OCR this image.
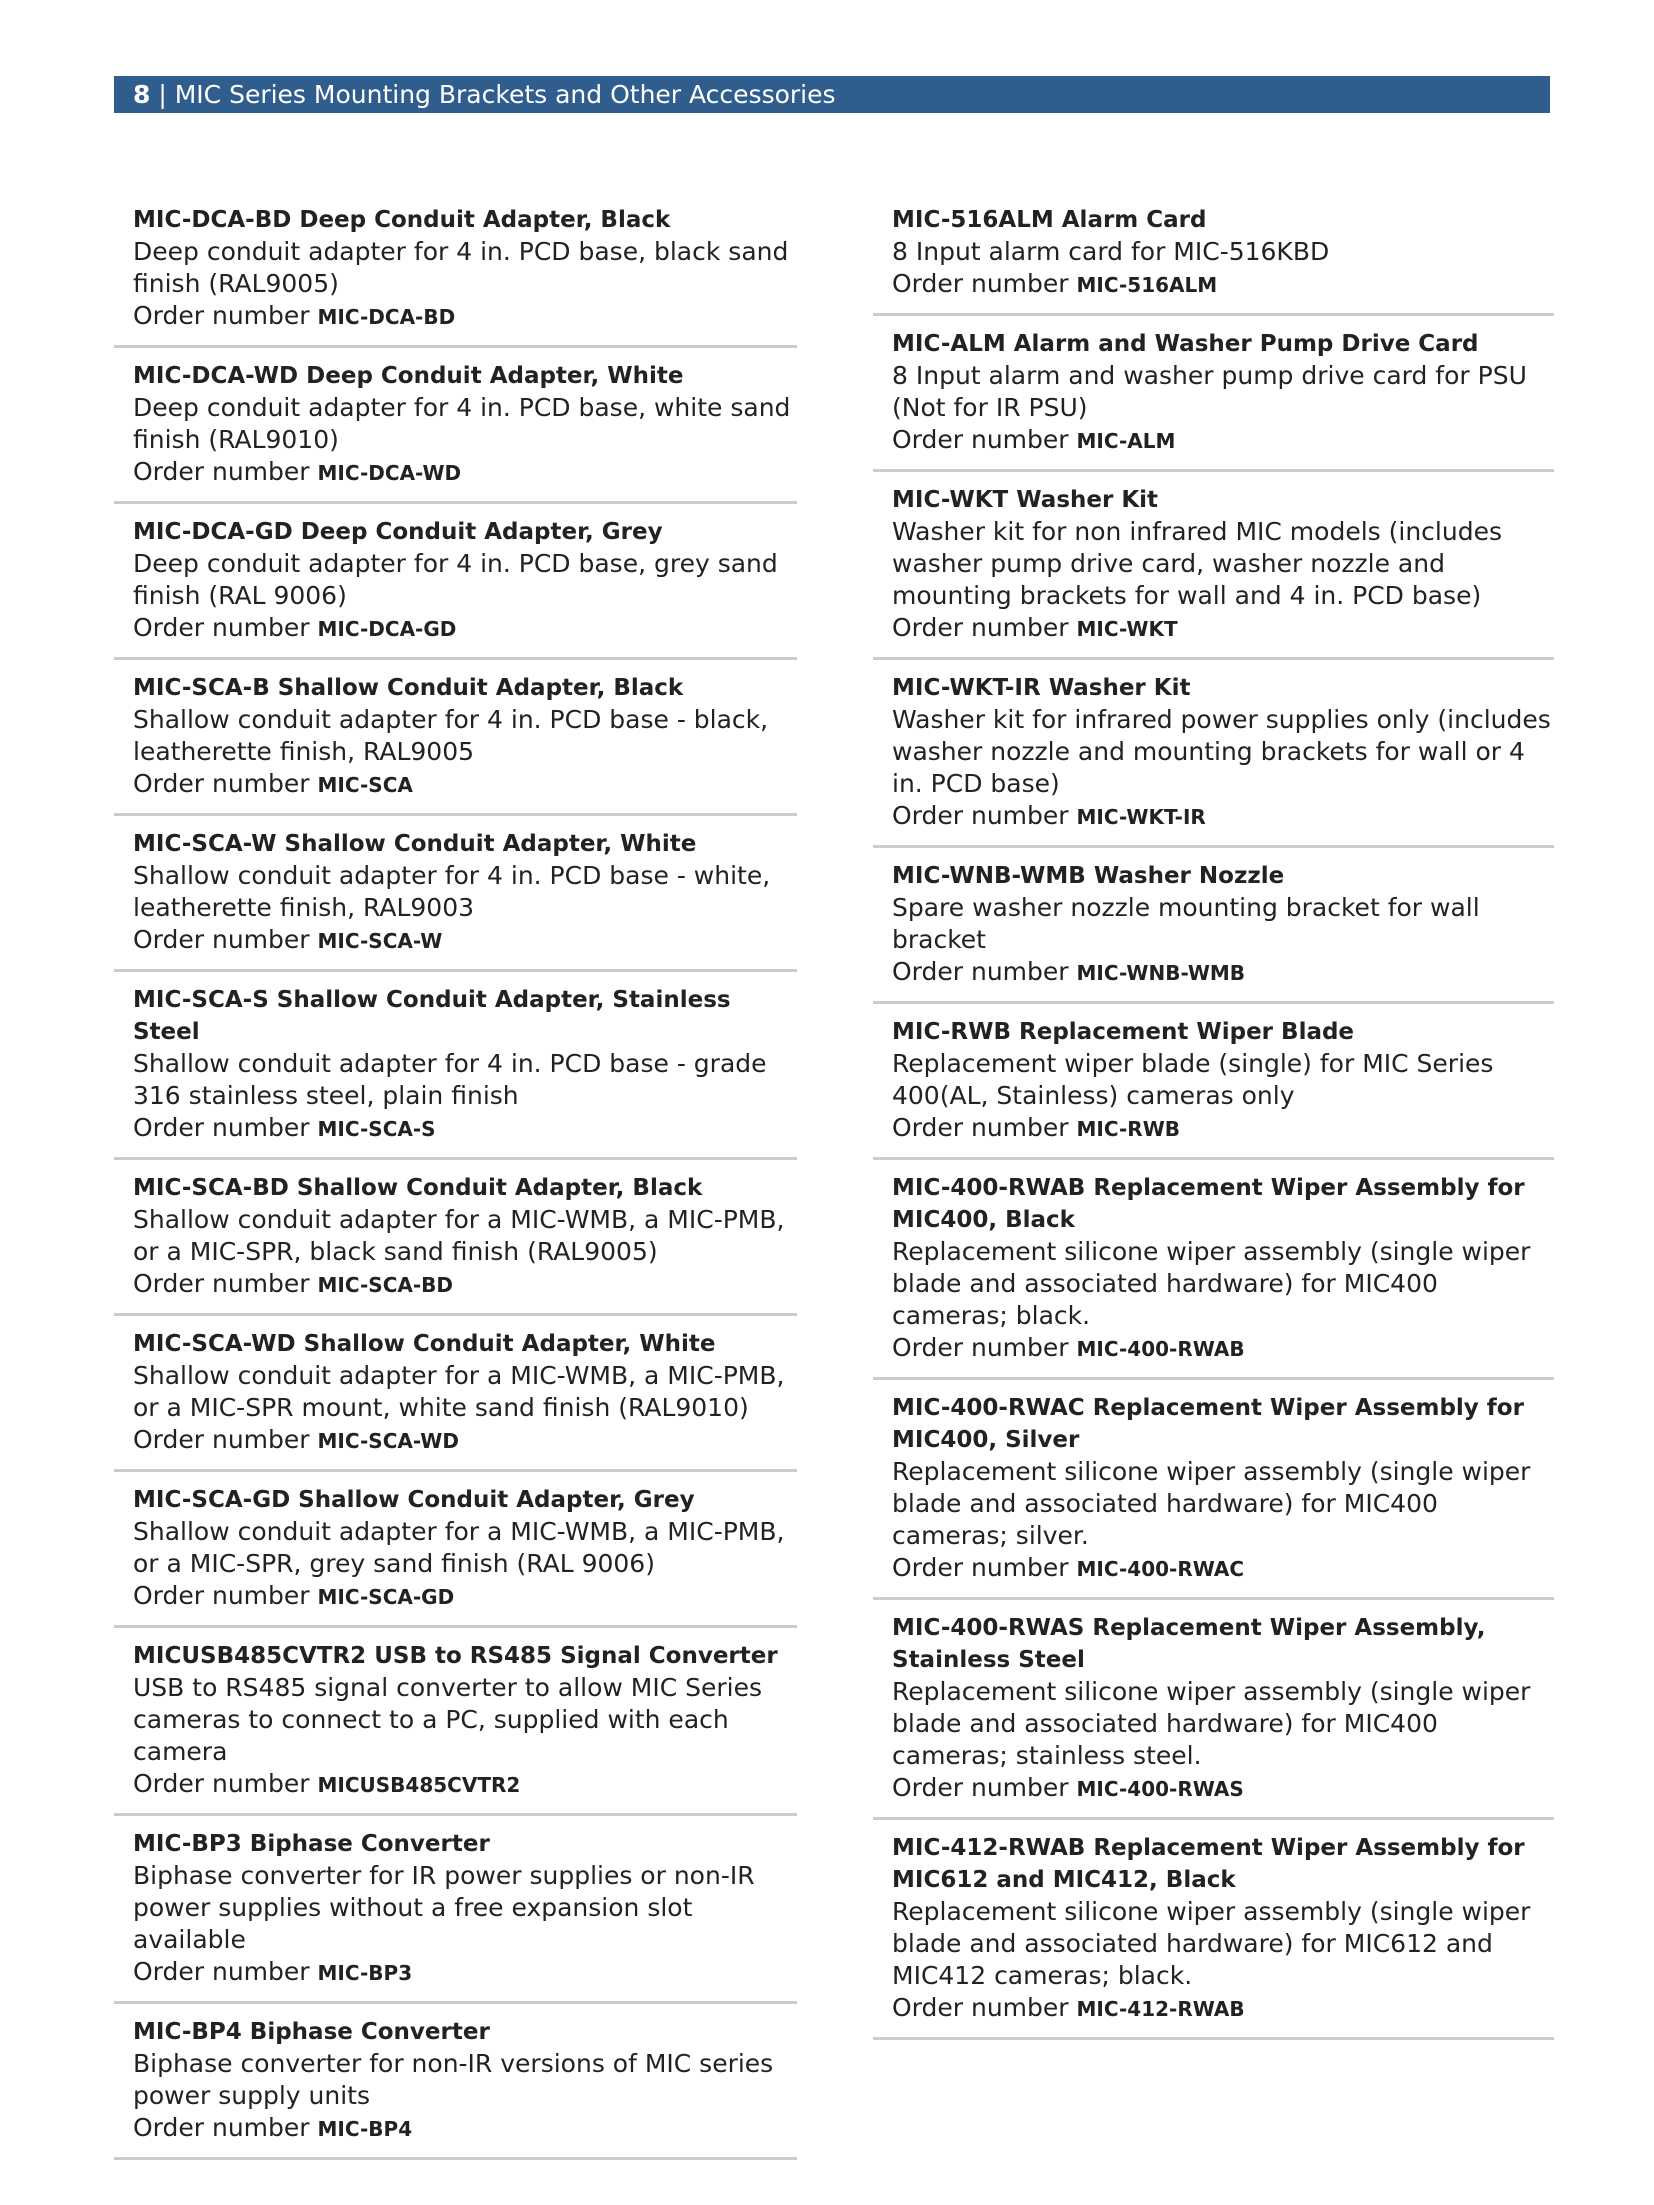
8 | MIC Series Mounting Brackets and Other Accessories
MIC-DCA-BD Deep Conduit Adapter, Black
Deep conduit adapter for 4 in. PCD base, black sand finish (RAL9005)
Order number MIC-DCA-BD
MIC-DCA-WD Deep Conduit Adapter, White
Deep conduit adapter for 4 in. PCD base, white sand finish (RAL9010)
Order number MIC-DCA-WD
MIC-DCA-GD Deep Conduit Adapter, Grey
Deep conduit adapter for 4 in. PCD base, grey sand finish (RAL 9006)
Order number MIC-DCA-GD
MIC-SCA-B Shallow Conduit Adapter, Black
Shallow conduit adapter for 4 in. PCD base - black, leatherette finish, RAL9005
Order number MIC-SCA
MIC-SCA-W Shallow Conduit Adapter, White
Shallow conduit adapter for 4 in. PCD base - white, leatherette finish, RAL9003
Order number MIC-SCA-W
MIC-SCA-S Shallow Conduit Adapter, Stainless Steel
Shallow conduit adapter for 4 in. PCD base - grade 316 stainless steel, plain finish
Order number MIC-SCA-S
MIC-SCA-BD Shallow Conduit Adapter, Black
Shallow conduit adapter for a MIC-WMB, a MIC-PMB, or a MIC-SPR, black sand finish (RAL9005)
Order number MIC-SCA-BD
MIC-SCA-WD Shallow Conduit Adapter, White
Shallow conduit adapter for a MIC-WMB, a MIC-PMB, or a MIC-SPR mount, white sand finish (RAL9010)
Order number MIC-SCA-WD
MIC-SCA-GD Shallow Conduit Adapter, Grey
Shallow conduit adapter for a MIC-WMB, a MIC-PMB, or a MIC-SPR, grey sand finish (RAL 9006)
Order number MIC-SCA-GD
MICUSB485CVTR2 USB to RS485 Signal Converter
USB to RS485 signal converter to allow MIC Series cameras to connect to a PC, supplied with each camera
Order number MICUSB485CVTR2
MIC-BP3 Biphase Converter
Biphase converter for IR power supplies or non-IR power supplies without a free expansion slot available
Order number MIC-BP3
MIC-BP4 Biphase Converter
Biphase converter for non-IR versions of MIC series power supply units
Order number MIC-BP4
MIC-516ALM Alarm Card
8 Input alarm card for MIC-516KBD
Order number MIC-516ALM
MIC-ALM Alarm and Washer Pump Drive Card
8 Input alarm and washer pump drive card for PSU (Not for IR PSU)
Order number MIC-ALM
MIC-WKT Washer Kit
Washer kit for non infrared MIC models (includes washer pump drive card, washer nozzle and mounting brackets for wall and 4 in. PCD base)
Order number MIC-WKT
MIC-WKT-IR Washer Kit
Washer kit for infrared power supplies only (includes washer nozzle and mounting brackets for wall or 4 in. PCD base)
Order number MIC-WKT-IR
MIC-WNB-WMB Washer Nozzle
Spare washer nozzle mounting bracket for wall bracket
Order number MIC-WNB-WMB
MIC-RWB Replacement Wiper Blade
Replacement wiper blade (single) for MIC Series 400(AL, Stainless) cameras only
Order number MIC-RWB
MIC-400-RWAB Replacement Wiper Assembly for MIC400, Black
Replacement silicone wiper assembly (single wiper blade and associated hardware) for MIC400 cameras; black.
Order number MIC-400-RWAB
MIC-400-RWAC Replacement Wiper Assembly for MIC400, Silver
Replacement silicone wiper assembly (single wiper blade and associated hardware) for MIC400 cameras; silver.
Order number MIC-400-RWAC
MIC-400-RWAS Replacement Wiper Assembly, Stainless Steel
Replacement silicone wiper assembly (single wiper blade and associated hardware) for MIC400 cameras; stainless steel.
Order number MIC-400-RWAS
MIC-412-RWAB Replacement Wiper Assembly for MIC612 and MIC412, Black
Replacement silicone wiper assembly (single wiper blade and associated hardware) for MIC612 and MIC412 cameras; black.
Order number MIC-412-RWAB
